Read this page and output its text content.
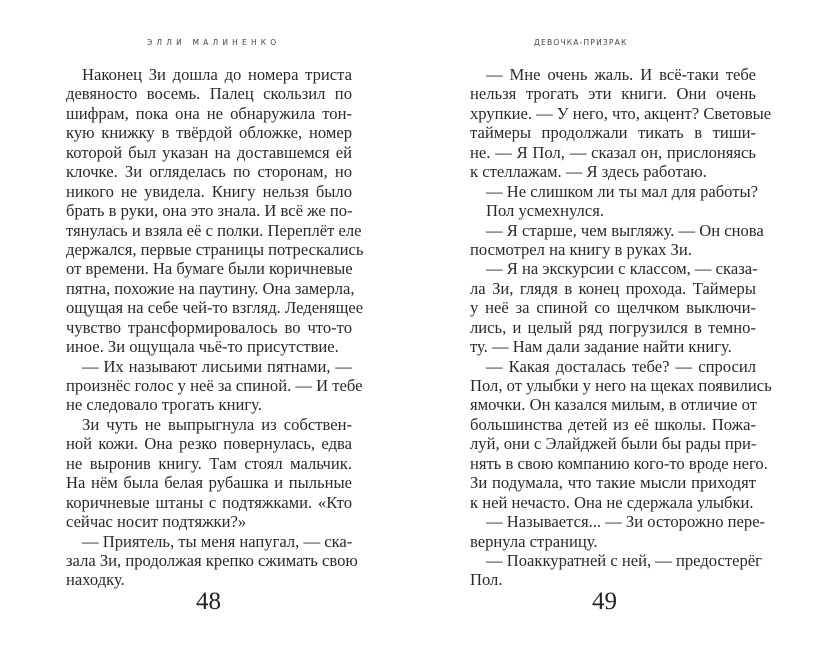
ЭЛЛИ МАЛИНЕНКО
Наконец Зи дошла до номера триста
девяносто восемь. Палец скользил по
шифрам, пока она не обнаружила тон-
кую книжку в твёрдой обложке, номер
которой был указан на доставшемся ей
клочке. Зи огляделась по сторонам, но
никого не увидела. Книгу нельзя было
брать в руки, она это знала. И всё же по-
тянулась и взяла её с полки. Переплёт еле
держался, первые страницы потрескались
от времени. На бумаге были коричневые
пятна, похожие на паутину. Она замерла,
ощущая на себе чей-то взгляд. Леденящее
чувство трансформировалось во что-то
иное. Зи ощущала чьё-то присутствие.
— Их называют лисьими пятнами, —
произнёс голос у неё за спиной. — И тебе
не следовало трогать книгу.
Зи чуть не выпрыгнула из собствен-
ной кожи. Она резко повернулась, едва
не выронив книгу. Там стоял мальчик.
На нём была белая рубашка и пыльные
коричневые штаны с подтяжками. «Кто
сейчас носит подтяжки?»
— Приятель, ты меня напугал, — ска-
зала Зи, продолжая крепко сжимать свою
находку.
48
ДЕВОЧКА-ПРИЗРАК
— Мне очень жаль. И всё-таки тебе
нельзя трогать эти книги. Они очень
хрупкие. — У него, что, акцент? Световые
таймеры продолжали тикать в тиши-
не. — Я Пол, — сказал он, прислоняясь
к стеллажам. — Я здесь работаю.
— Не слишком ли ты мал для работы?
Пол усмехнулся.
— Я старше, чем выгляжу. — Он снова
посмотрел на книгу в руках Зи.
— Я на экскурсии с классом, — сказа-
ла Зи, глядя в конец прохода. Таймеры
у неё за спиной со щелчком выключи-
лись, и целый ряд погрузился в темно-
ту. — Нам дали задание найти книгу.
— Какая досталась тебе? — спросил
Пол, от улыбки у него на щеках появились
ямочки. Он казался милым, в отличие от
большинства детей из её школы. Пожа-
луй, они с Элайджей были бы рады при-
нять в свою компанию кого-то вроде него.
Зи подумала, что такие мысли приходят
к ней нечасто. Она не сдержала улыбки.
— Называется... — Зи осторожно пере-
вернула страницу.
— Поаккуратней с ней, — предостерёг
Пол.
49
